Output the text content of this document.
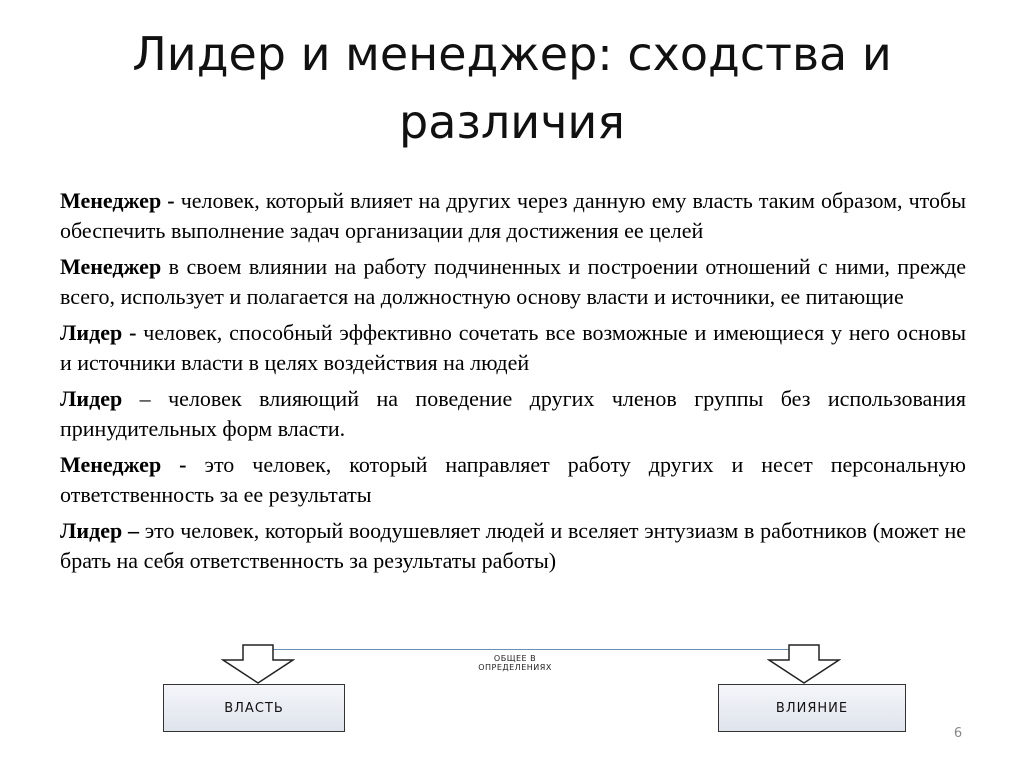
Лидер и менеджер: сходства и различия

Менеджер - человек, который влияет на других через данную ему власть таким образом, чтобы обеспечить выполнение задач организации для достижения ее целей

Менеджер в своем влиянии на работу подчиненных и построении отношений с ними, прежде всего, использует и полагается на должностную основу власти и источники, ее питающие

Лидер - человек, способный эффективно сочетать все возможные и имеющиеся у него основы и источники власти в целях воздействия на людей

Лидер – человек влияющий на поведение других членов группы без использования принудительных форм власти.

Менеджер - это человек, который направляет работу других и несет персональную ответственность за ее результаты

Лидер – это человек, который воодушевляет людей и вселяет энтузиазм в работников (может не брать на себя ответственность за результаты работы)

ОБЩЕЕ В
ОПРЕДЕЛЕНИЯХ
ВЛАСТЬ	ВЛИЯНИЕ
6
